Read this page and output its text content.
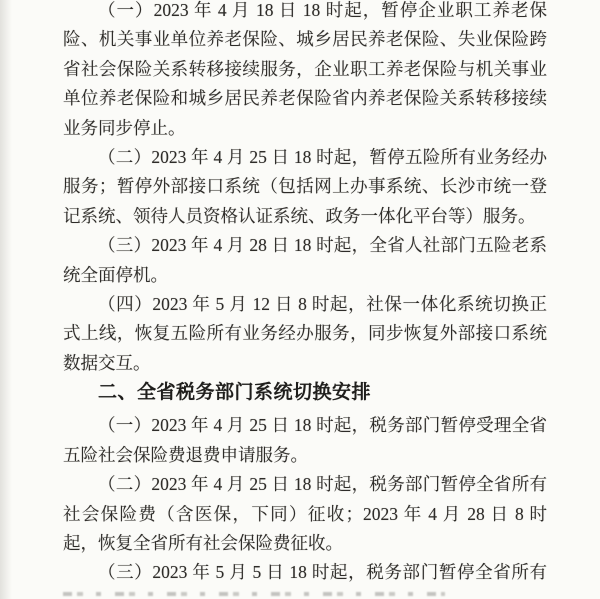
（一）2023 年 4 月 18 日 18 时起，暂停企业职工养老保
险、机关事业单位养老保险、城乡居民养老保险、失业保险跨
省社会保险关系转移接续服务，企业职工养老保险与机关事业
单位养老保险和城乡居民养老保险省内养老保险关系转移接续
业务同步停止。
（二）2023 年 4 月 25 日 18 时起，暂停五险所有业务经办
服务；暂停外部接口系统（包括网上办事系统、长沙市统一登
记系统、领待人员资格认证系统、政务一体化平台等）服务。
（三）2023 年 4 月 28 日 18 时起，全省人社部门五险老系
统全面停机。
（四）2023 年 5 月 12 日 8 时起，社保一体化系统切换正
式上线，恢复五险所有业务经办服务，同步恢复外部接口系统
数据交互。
二、全省税务部门系统切换安排
（一）2023 年 4 月 25 日 18 时起，税务部门暂停受理全省
五险社会保险费退费申请服务。
（二）2023 年 4 月 25 日 18 时起，税务部门暂停全省所有
社会保险费（含医保，下同）征收；2023 年 4 月 28 日 8 时
起，恢复全省所有社会保险费征收。
（三）2023 年 5 月 5 日 18 时起，税务部门暂停全省所有
